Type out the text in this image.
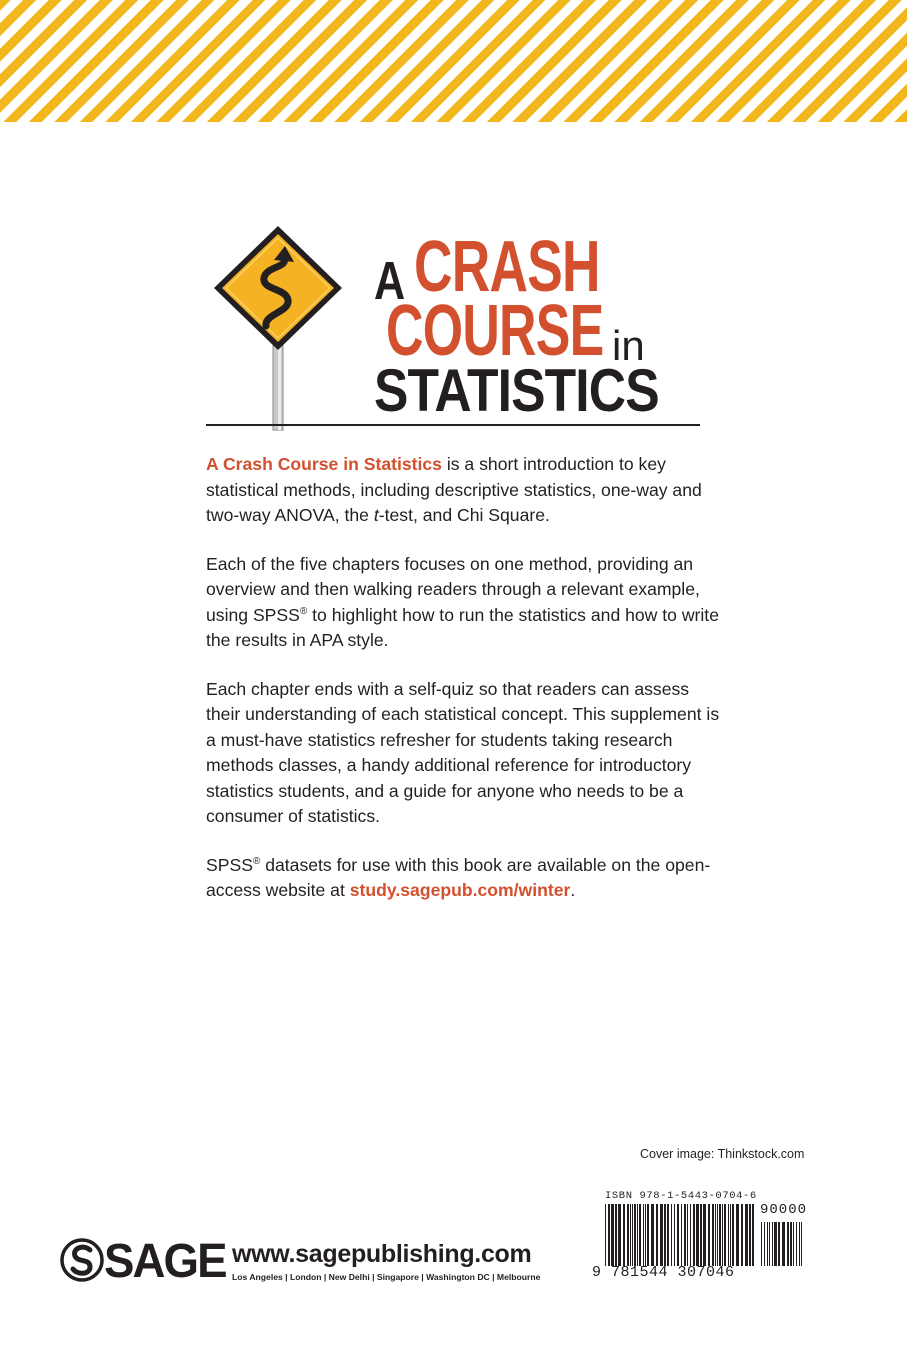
A CRASH
COURSE in
STATISTICS

A Crash Course in Statistics is a short introduction to key statistical methods, including descriptive statistics, one-way and two-way ANOVA, the t-test, and Chi Square.

Each of the five chapters focuses on one method, providing an overview and then walking readers through a relevant example, using SPSS® to highlight how to run the statistics and how to write the results in APA style.

Each chapter ends with a self-quiz so that readers can assess their understanding of each statistical concept. This supplement is a must-have statistics refresher for students taking research methods classes, a handy additional reference for introductory statistics students, and a guide for anyone who needs to be a consumer of statistics.

SPSS® datasets for use with this book are available on the open-access website at study.sagepub.com/winter.

Cover image: Thinkstock.com
SAGE www.sagepublishing.com
Los Angeles | London | New Delhi | Singapore | Washington DC | Melbourne
ISBN 978-1-5443-0704-6
90000
9 781544 307046
